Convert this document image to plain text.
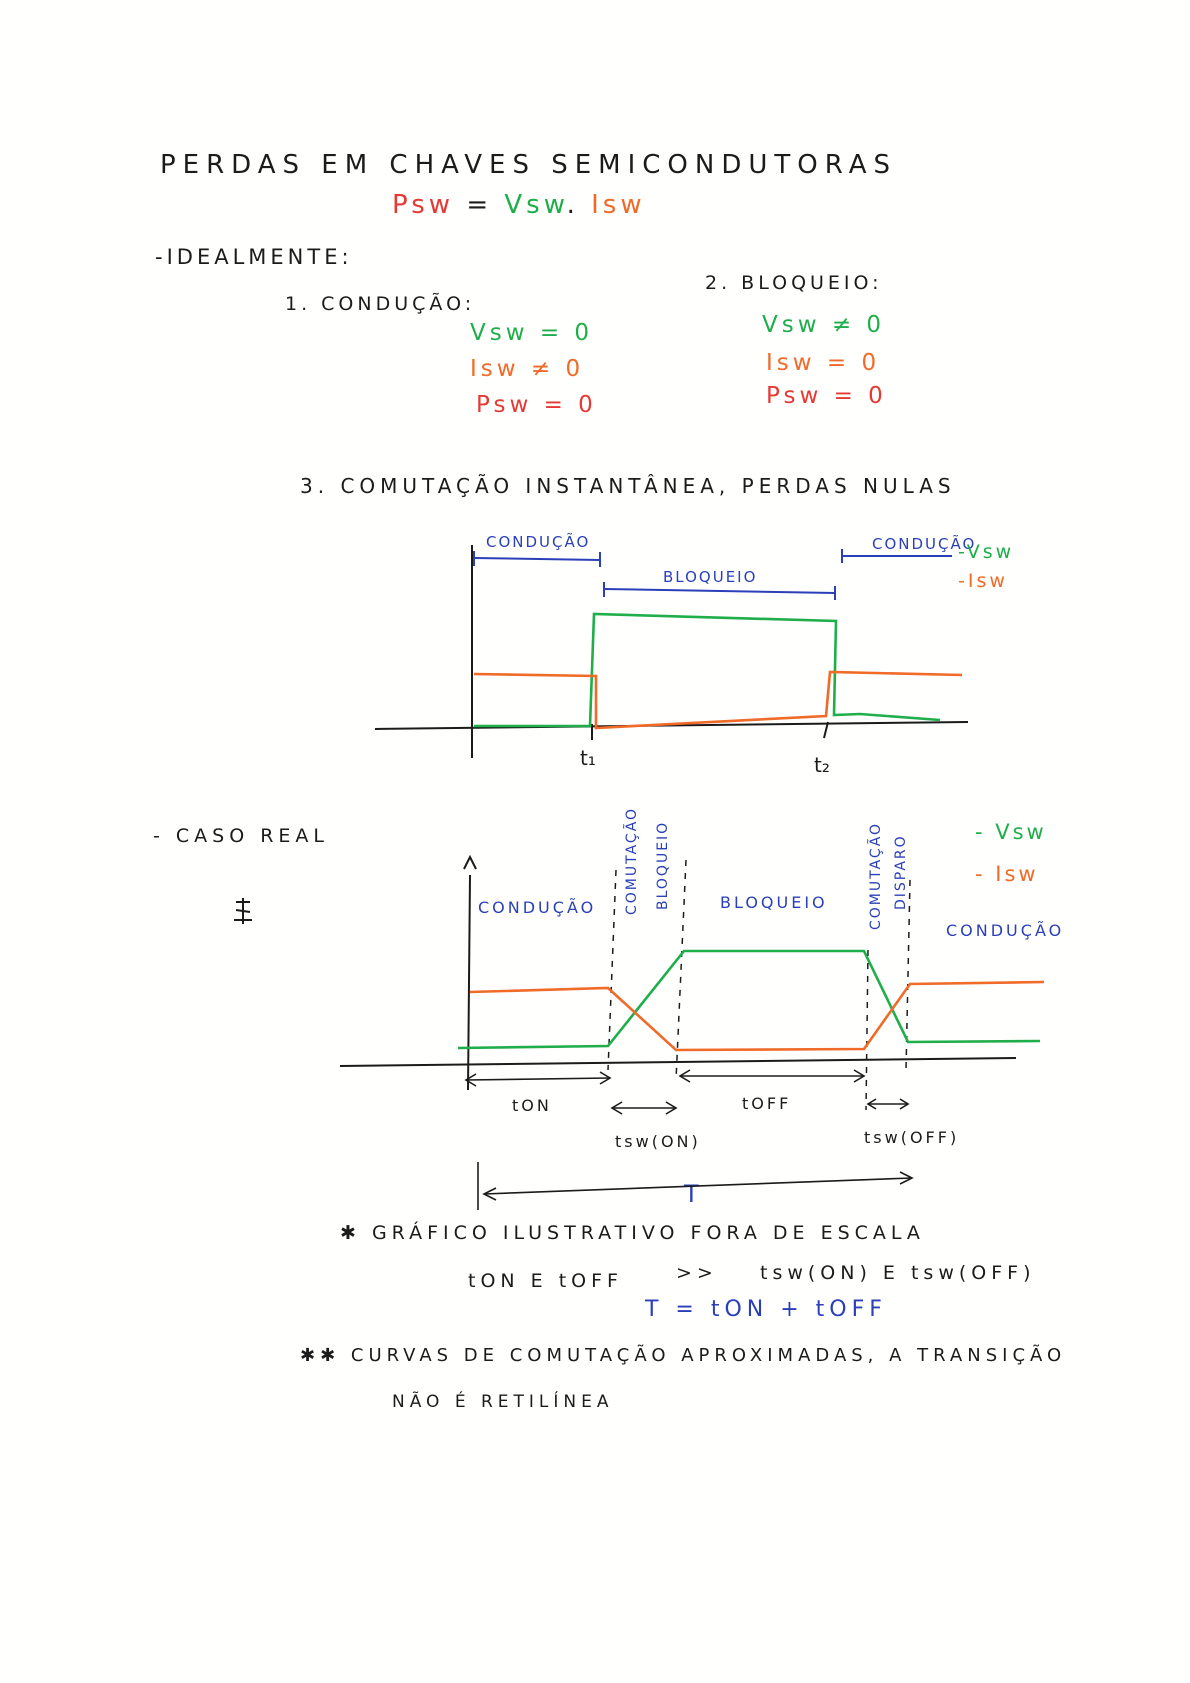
PERDAS EM CHAVES SEMICONDUTORAS
Psw = Vsw. Isw
-IDEALMENTE:
1. CONDUÇÃO:
Vsw = 0
Isw ≠ 0
Psw = 0
2. BLOQUEIO:
Vsw ≠ 0
Isw = 0
Psw = 0
3. COMUTAÇÃO INSTANTÂNEA, PERDAS NULAS
CONDUÇÃO
BLOQUEIO
CONDUÇÃO
-Vsw
-Isw
t₁	t₂
- CASO REAL
CONDUÇÃO COMUTAÇÃO BLOQUEIO	BLOQUEIO	COMUTAÇÃO DISPARO
CONDUÇÃO
- Vsw
- Isw
tON
tsw(ON)
tOFF
tsw(OFF)
T
✱ GRÁFICO ILUSTRATIVO FORA DE ESCALA
tON E tOFF	>> tsw(ON) E tsw(OFF)
T = tON + tOFF
✱✱ CURVAS DE COMUTAÇÃO APROXIMADAS, A TRANSIÇÃO
NÃO É RETILÍNEA
